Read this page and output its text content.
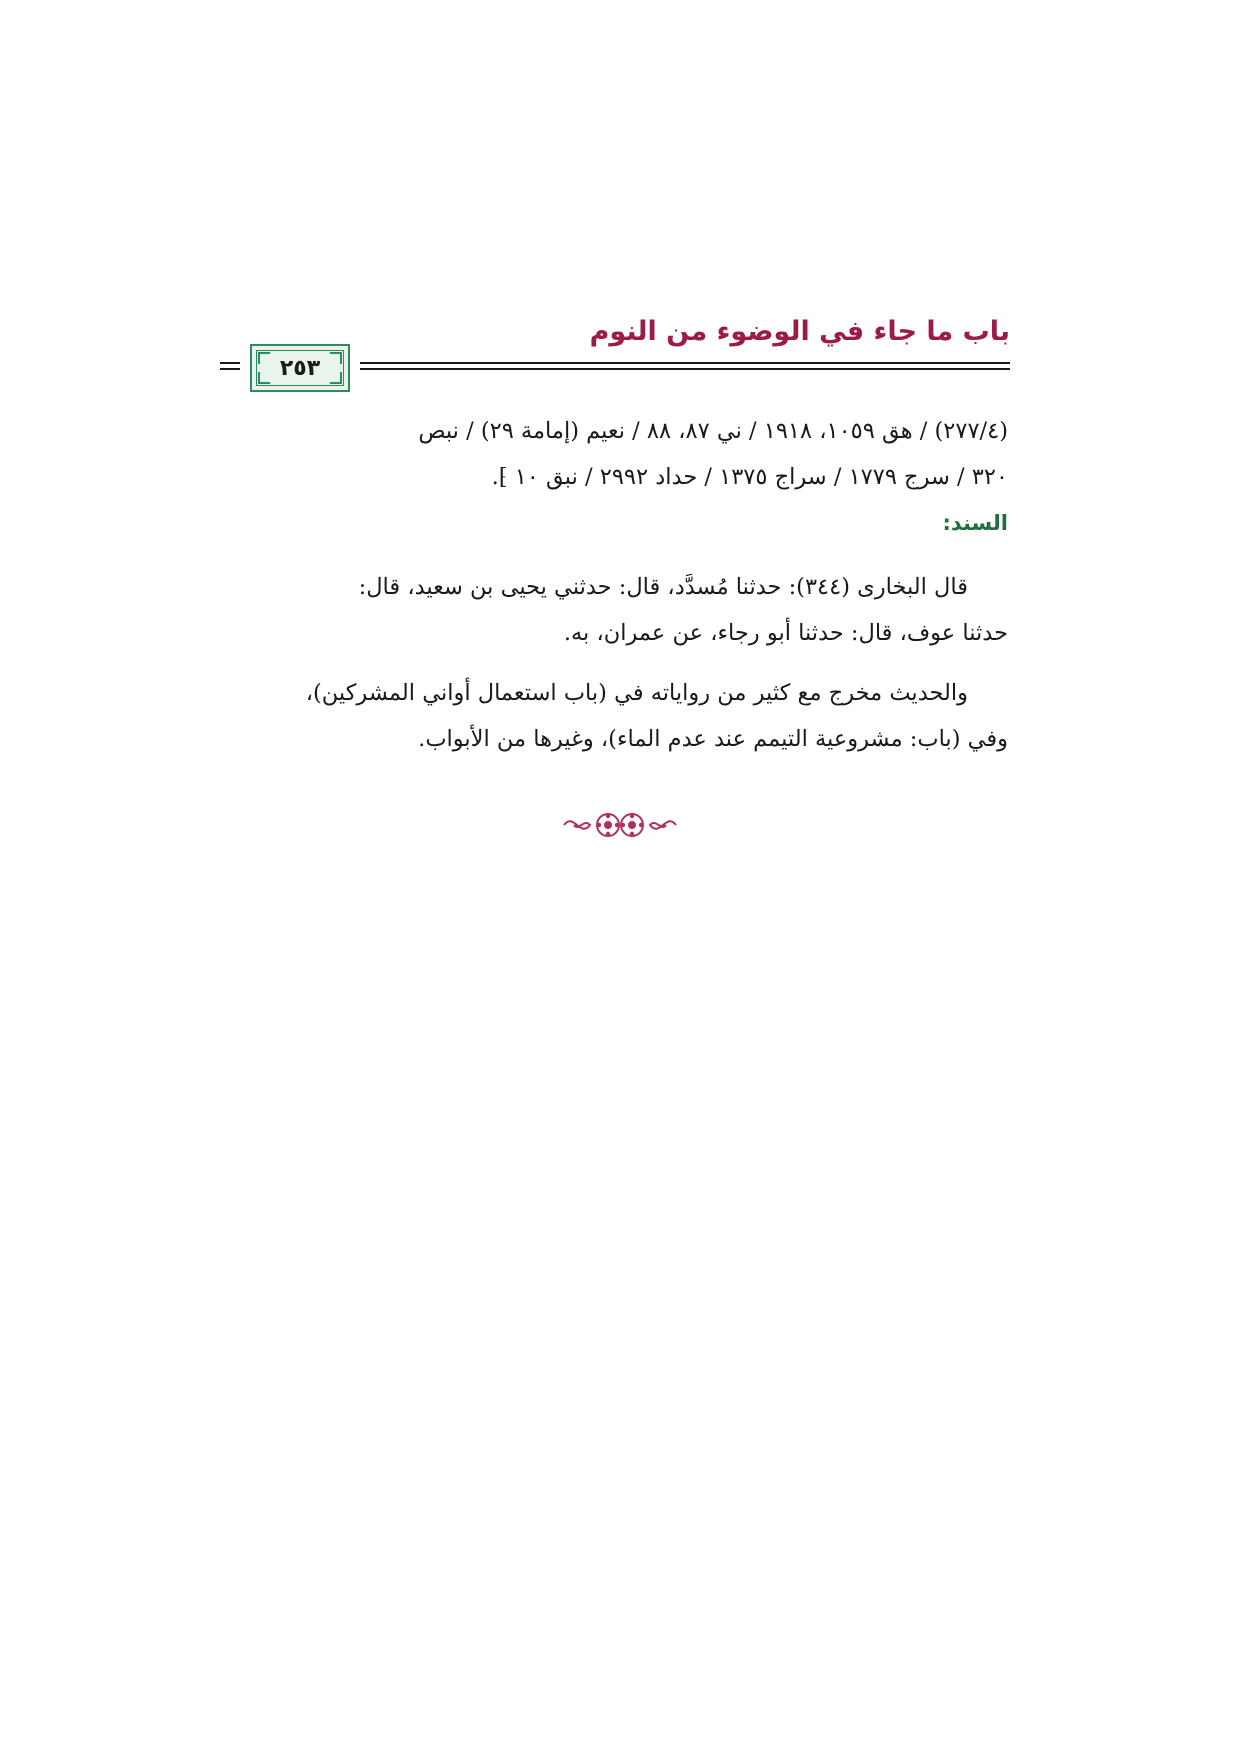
باب ما جاء في الوضوء من النوم
٢٥٣

(٢٧٧/٤) / هق ١٠٥٩، ١٩١٨ / ني ٨٧، ٨٨ / نعيم (إمامة ٢٩) / نبص

٣٢٠ / سرج ١٧٧٩ / سراج ١٣٧٥ / حداد ٢٩٩٢ / نبق ١٠ ⁆.

السند:

قال البخارى (٣٤٤): حدثنا مُسدَّد، قال: حدثني يحيى بن سعيد، قال:
حدثنا عوف، قال: حدثنا أبو رجاء، عن عمران، به.

والحديث مخرج مع كثير من رواياته في (باب استعمال أواني المشركين)،
وفي (باب: مشروعية التيمم عند عدم الماء)، وغيرها من الأبواب.
